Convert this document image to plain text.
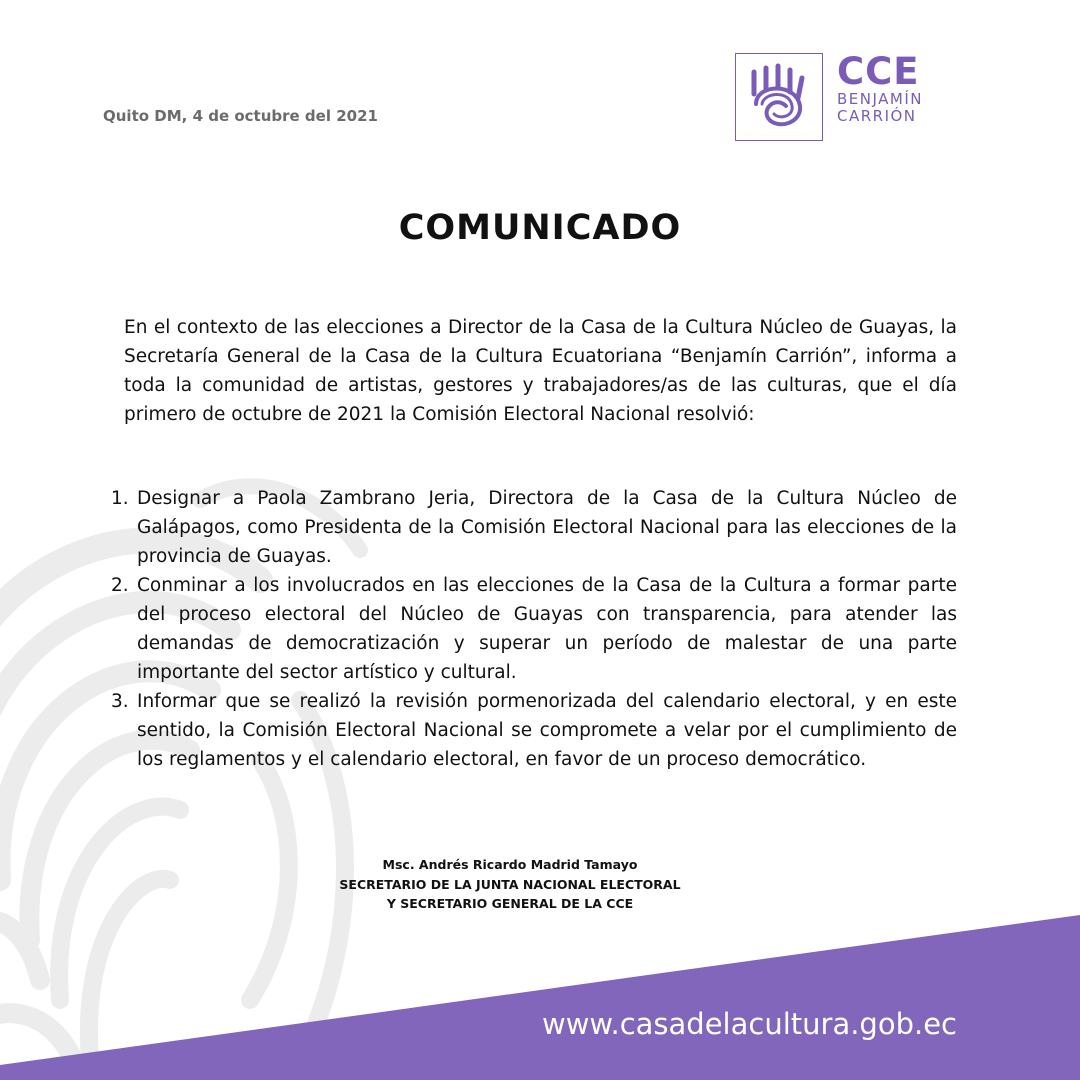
Quito DM, 4 de octubre del 2021
CCE
BENJAMÍN
CARRIÓN
COMUNICADO

En el contexto de las elecciones a Director de la Casa de la Cultura Núcleo de Guayas, la Secretaría General de la Casa de la Cultura Ecuatoriana “Benjamín Carrión”, informa a toda la comunidad de artistas, gestores y trabajadores/as de las culturas, que el día primero de octubre de 2021 la Comisión Electoral Nacional resolvió:

1. Designar a Paola Zambrano Jeria, Directora de la Casa de la Cultura Núcleo de Galápagos, como Presidenta de la Comisión Electoral Nacional para las elecciones de la provincia de Guayas.
2. Conminar a los involucrados en las elecciones de la Casa de la Cultura a formar parte del proceso electoral del Núcleo de Guayas con transparencia, para atender las demandas de democratización y superar un período de malestar de una parte importante del sector artístico y cultural.
3. Informar que se realizó la revisión pormenorizada del calendario electoral, y en este sentido, la Comisión Electoral Nacional se compromete a velar por el cumplimiento de los reglamentos y el calendario electoral, en favor de un proceso democrático.
Msc. Andrés Ricardo Madrid Tamayo
SECRETARIO DE LA JUNTA NACIONAL ELECTORAL
Y SECRETARIO GENERAL DE LA CCE
www.casadelacultura.gob.ec
